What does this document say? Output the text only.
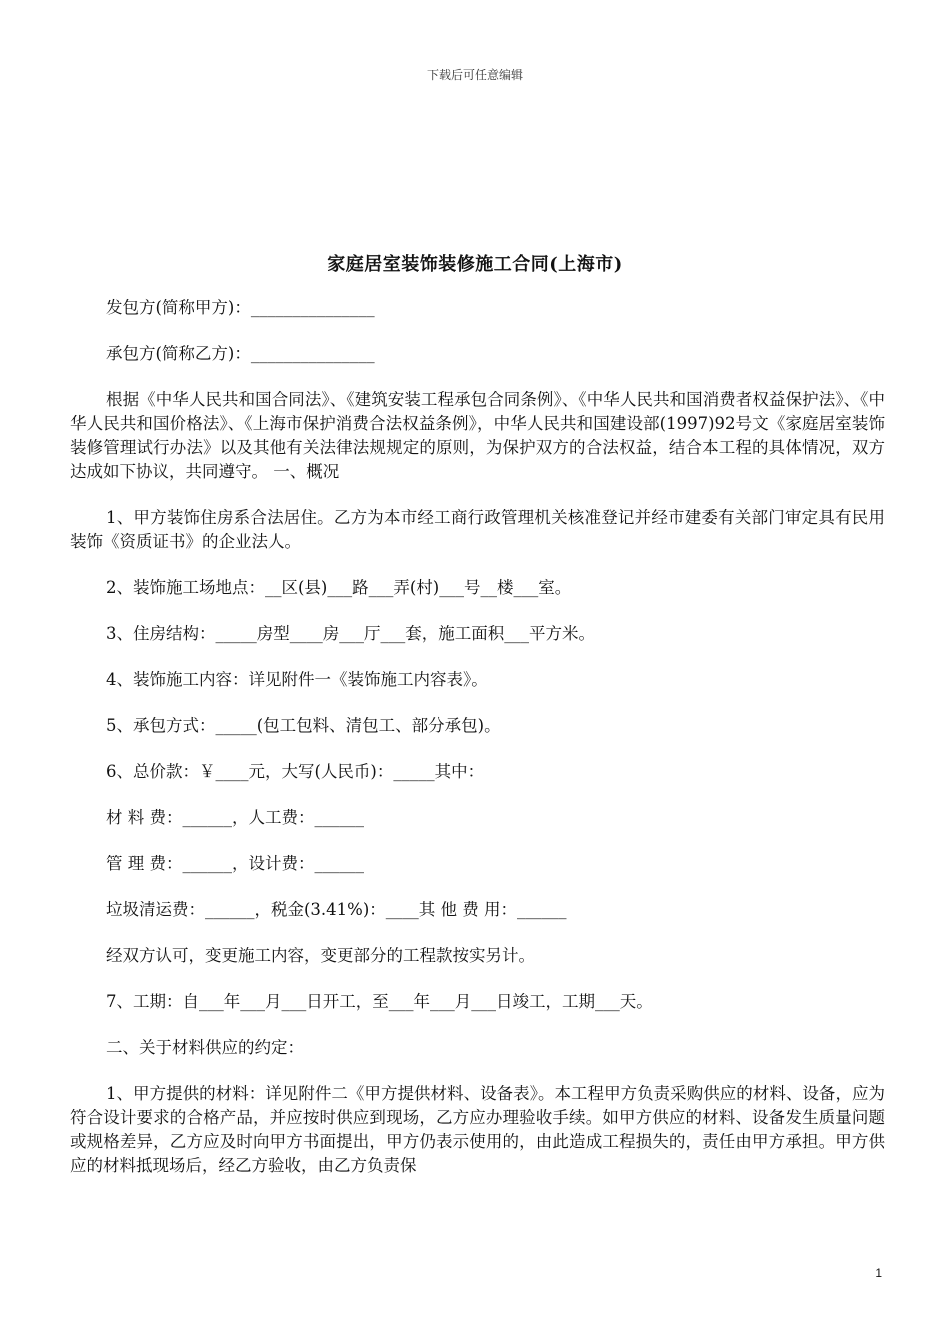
下载后可任意编辑
家庭居室装饰装修施工合同(上海市)

发包方(简称甲方)：_______________

承包方(简称乙方)：_______________

根据《中华人民共和国合同法》、《建筑安装工程承包合同条例》、《中华人民共和国消费者权益保护法》、《中华人民共和国价格法》、《上海市保护消费合法权益条例》，中华人民共和国建设部(1997)92号文《家庭居室装饰装修管理试行办法》以及其他有关法律法规规定的原则，为保护双方的合法权益，结合本工程的具体情况，双方达成如下协议，共同遵守。 一、概况

1、甲方装饰住房系合法居住。乙方为本市经工商行政管理机关核准登记并经市建委有关部门审定具有民用装饰《资质证书》的企业法人。

2、装饰施工场地点：__区(县)___路___弄(村)___号__楼___室。

3、住房结构：_____房型____房___厅___套，施工面积___平方米。

4、装饰施工内容：详见附件一《装饰施工内容表》。

5、承包方式：_____(包工包料、清包工、部分承包)。

6、总价款：￥____元，大写(人民币)：_____其中：

材 料 费：______，人工费：______

管 理 费：______，设计费：______

垃圾清运费：______，税金(3.41%)：____其 他 费 用：______

经双方认可，变更施工内容，变更部分的工程款按实另计。

7、工期：自___年___月___日开工，至___年___月___日竣工，工期___天。

二、关于材料供应的约定：

1、甲方提供的材料：详见附件二《甲方提供材料、设备表》。本工程甲方负责采购供应的材料、设备，应为符合设计要求的合格产品，并应按时供应到现场，乙方应办理验收手续。如甲方供应的材料、设备发生质量问题或规格差异，乙方应及时向甲方书面提出，甲方仍表示使用的，由此造成工程损失的，责任由甲方承担。甲方供应的材料抵现场后，经乙方验收，由乙方负责保

1
